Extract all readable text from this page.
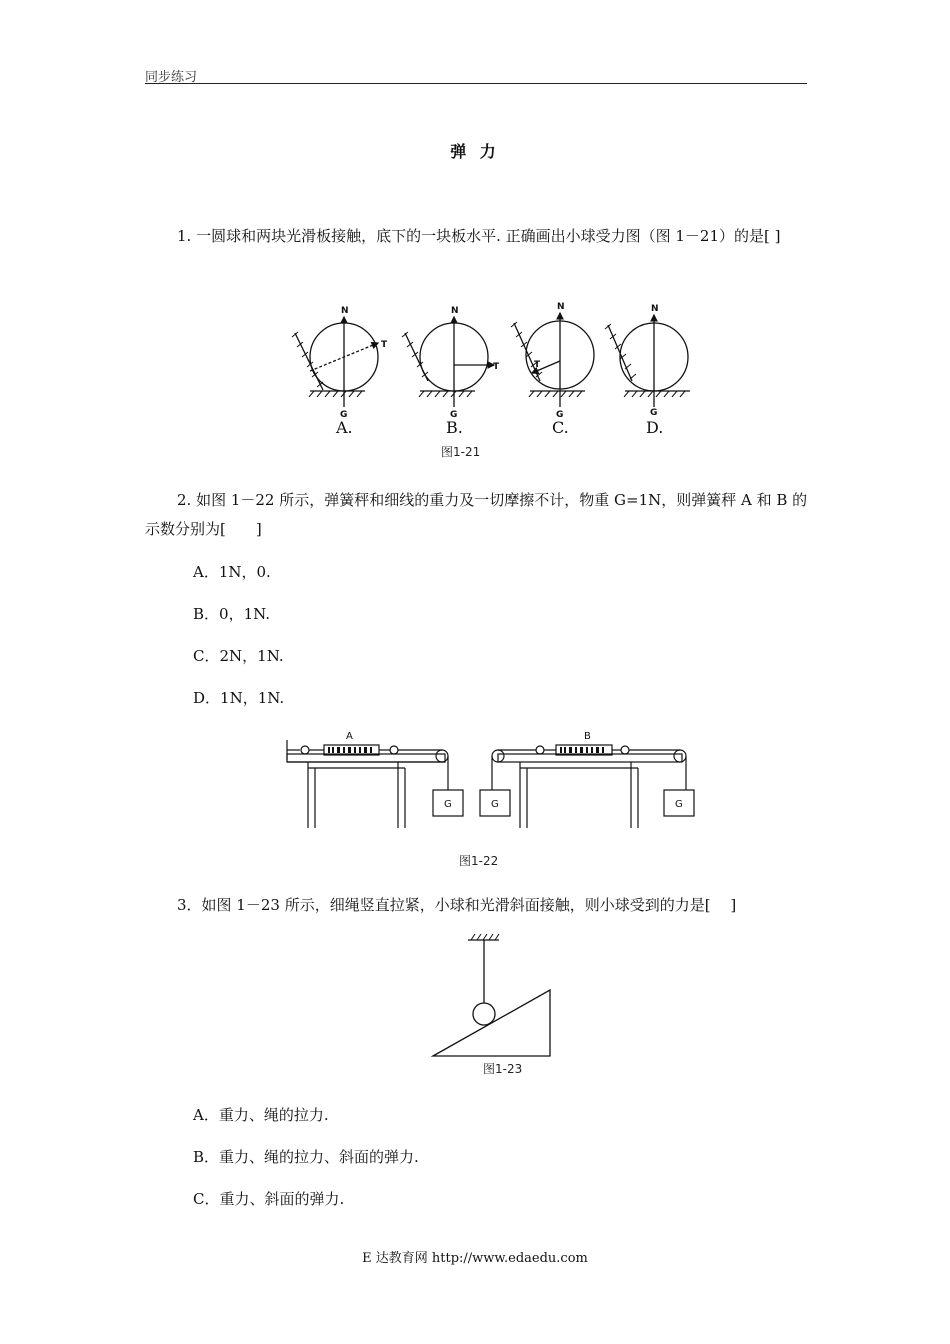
同步练习
弹 力
1. 一圆球和两块光滑板接触，底下的一块板水平. 正确画出小球受力图（图 1－21）的是[ ]
N
T
G
N
T
G
N
T
G
N
G
A.	B.	C.	D.
图1-21
2. 如图 1－22 所示，弹簧秤和细线的重力及一切摩擦不计，物重 G=1N，则弹簧秤 A 和 B 的示数分别为[　　]
A．1N，0.
B．0，1N.
C．2N，1N.
D．1N，1N.
A	B
G	G	G
图1-22
3．如图 1－23 所示，细绳竖直拉紧，小球和光滑斜面接触，则小球受到的力是[　 ]
图1-23
A．重力、绳的拉力.
B．重力、绳的拉力、斜面的弹力.
C．重力、斜面的弹力.
E 达教育网 http://www.edaedu.com
